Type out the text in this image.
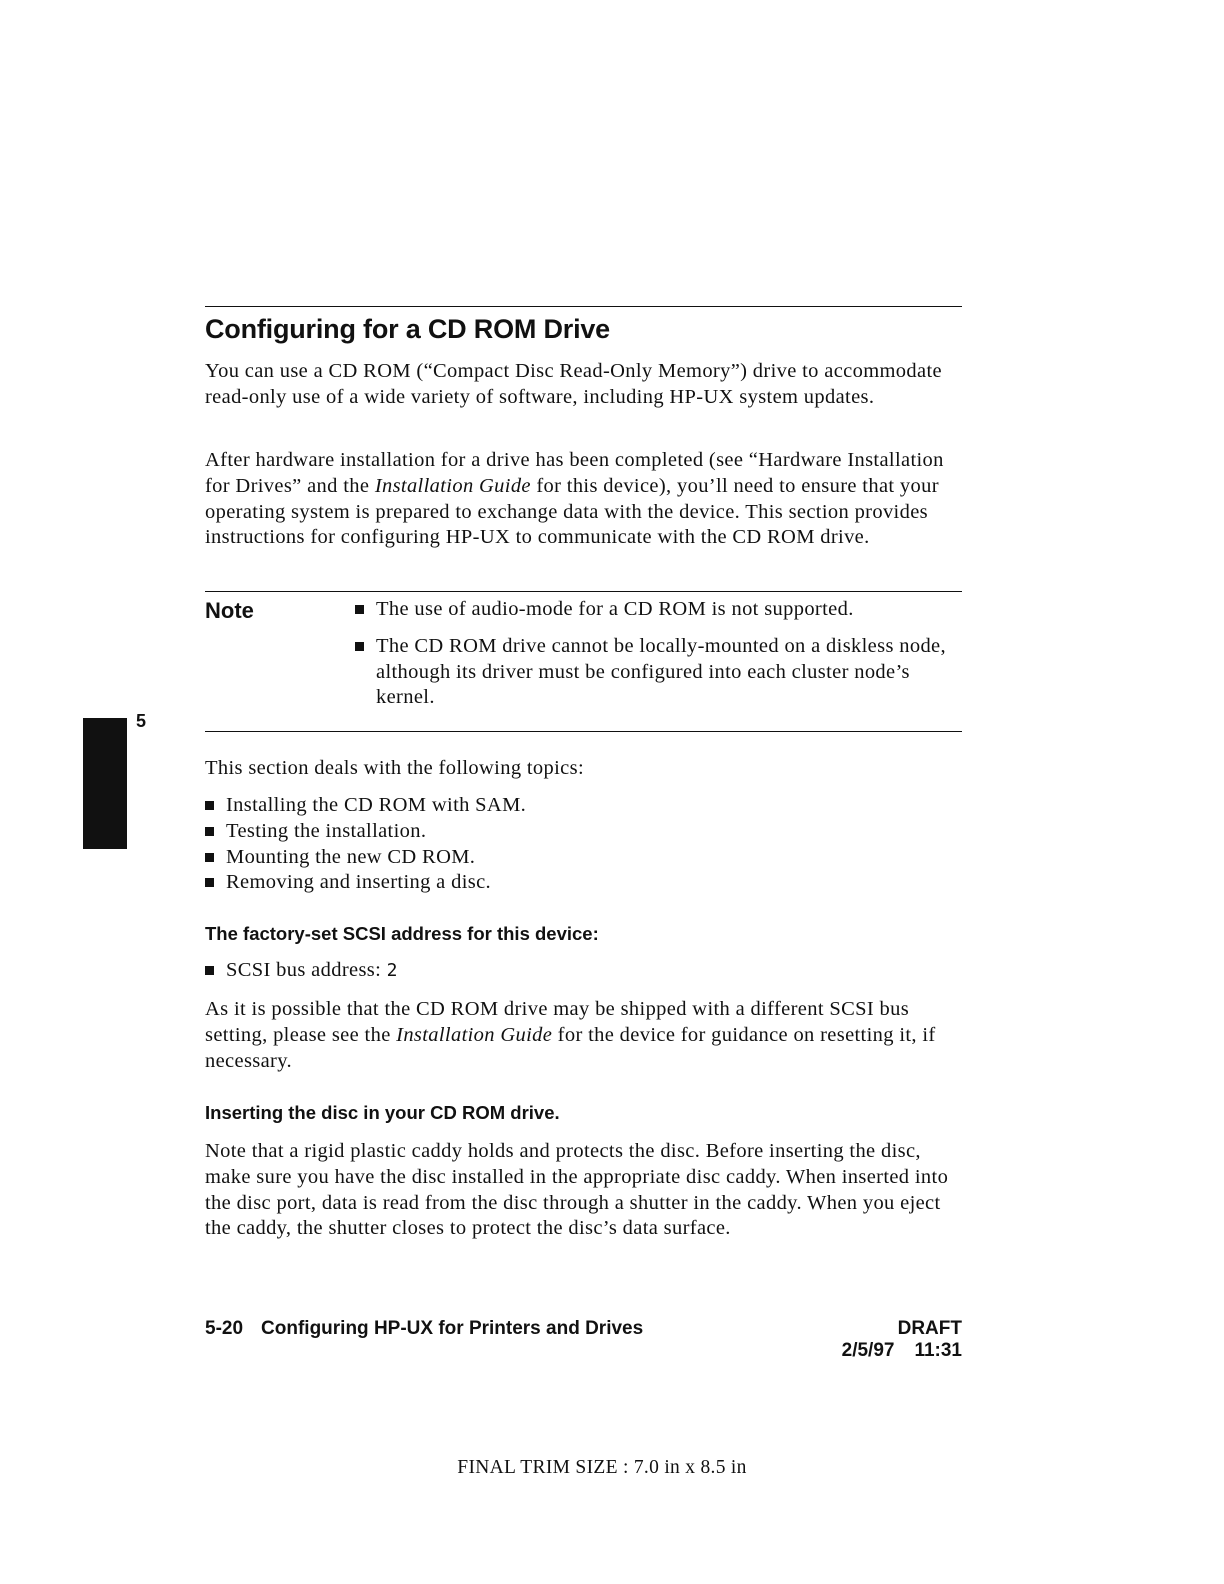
5
Configuring for a CD ROM Drive

You can use a CD ROM (“Compact Disc Read-Only Memory”) drive to accommodate read-only use of a wide variety of software, including HP-UX system updates.

After hardware installation for a drive has been completed (see “Hardware Installation for Drives” and the Installation Guide for this device), you’ll need to ensure that your operating system is prepared to exchange data with the device. This section provides instructions for configuring HP-UX to communicate with the CD ROM drive.

Note	The use of audio-mode for a CD ROM is not supported.
The CD ROM drive cannot be locally-mounted on a diskless node, although its driver must be configured into each cluster node’s kernel.

This section deals with the following topics:

Installing the CD ROM with SAM.
Testing the installation.
Mounting the new CD ROM.
Removing and inserting a disc.
The factory-set SCSI address for this device:
SCSI bus address: 2

As it is possible that the CD ROM drive may be shipped with a different SCSI bus setting, please see the Installation Guide for the device for guidance on resetting it, if necessary.

Inserting the disc in your CD ROM drive.

Note that a rigid plastic caddy holds and protects the disc. Before inserting the disc, make sure you have the disc installed in the appropriate disc caddy. When inserted into the disc port, data is read from the disc through a shutter in the caddy. When you eject the caddy, the shutter closes to protect the disc’s data surface.

5-20 Configuring HP-UX for Printers and Drives	DRAFT
2/5/97 11:31
FINAL TRIM SIZE : 7.0 in x 8.5 in
